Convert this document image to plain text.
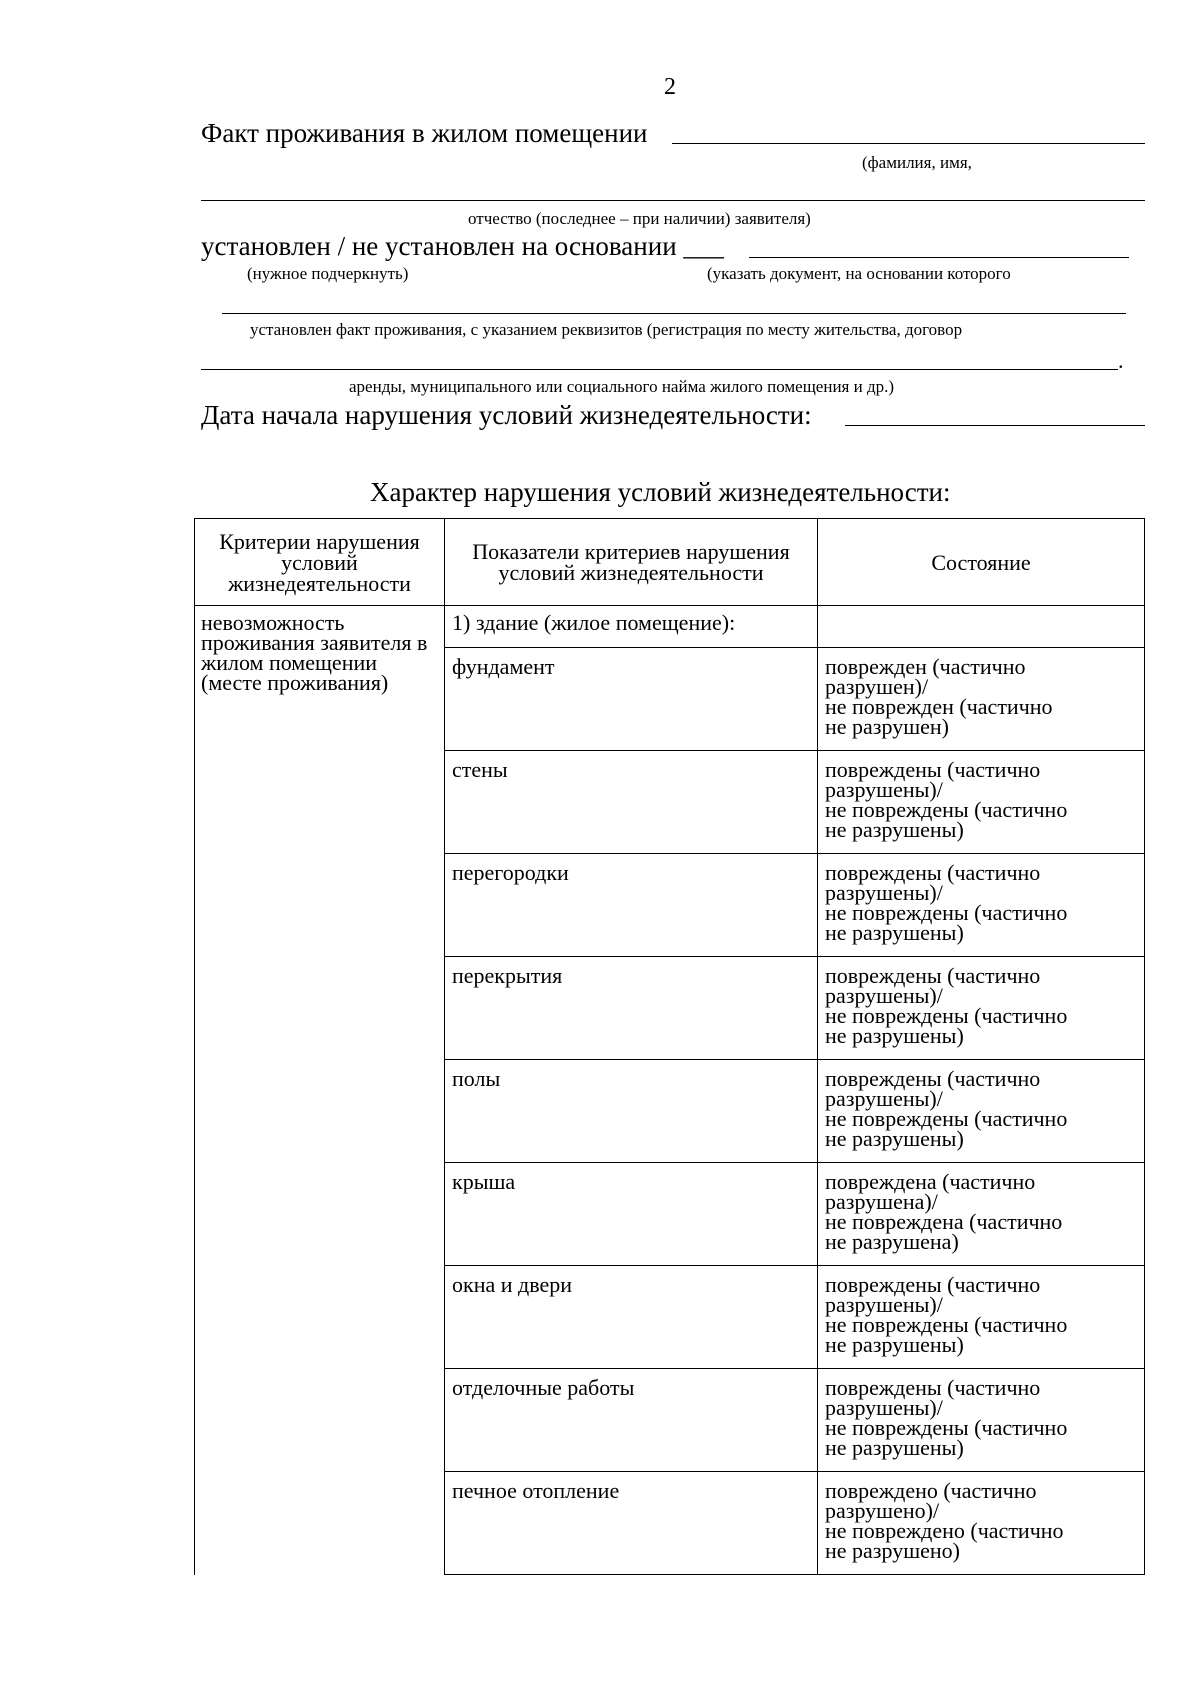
2
Факт проживания в жилом помещении
(фамилия, имя,
отчество (последнее – при наличии) заявителя)
установлен / не установлен на основании ___
(нужное подчеркнуть)	(указать документ, на основании которого
установлен факт проживания, с указанием реквизитов (регистрация по месту жительства, договор
.
аренды, муниципального или социального найма жилого помещения и др.)
Дата начала нарушения условий жизнедеятельности:
Характер нарушения условий жизнедеятельности:
Критерии нарушения условий жизнедеятельности	Показатели критериев нарушения условий жизнедеятельности	Состояние
невозможность проживания заявителя в жилом помещении (месте проживания)	1) здание (жилое помещение):	
	фундамент	поврежден (частично
разрушен)/
не поврежден (частично
не разрушен)

	стены	повреждены (частично
разрушены)/
не повреждены (частично
не разрушены)

	перегородки	повреждены (частично
разрушены)/
не повреждены (частично
не разрушены)

	перекрытия	повреждены (частично
разрушены)/
не повреждены (частично
не разрушены)

	полы	повреждены (частично
разрушены)/
не повреждены (частично
не разрушены)

	крыша	повреждена (частично
разрушена)/
не повреждена (частично
не разрушена)

	окна и двери	повреждены (частично
разрушены)/
не повреждены (частично
не разрушены)

	отделочные работы	повреждены (частично
разрушены)/
не повреждены (частично
не разрушены)

	печное отопление	повреждено (частично
разрушено)/
не повреждено (частично
не разрушено)
